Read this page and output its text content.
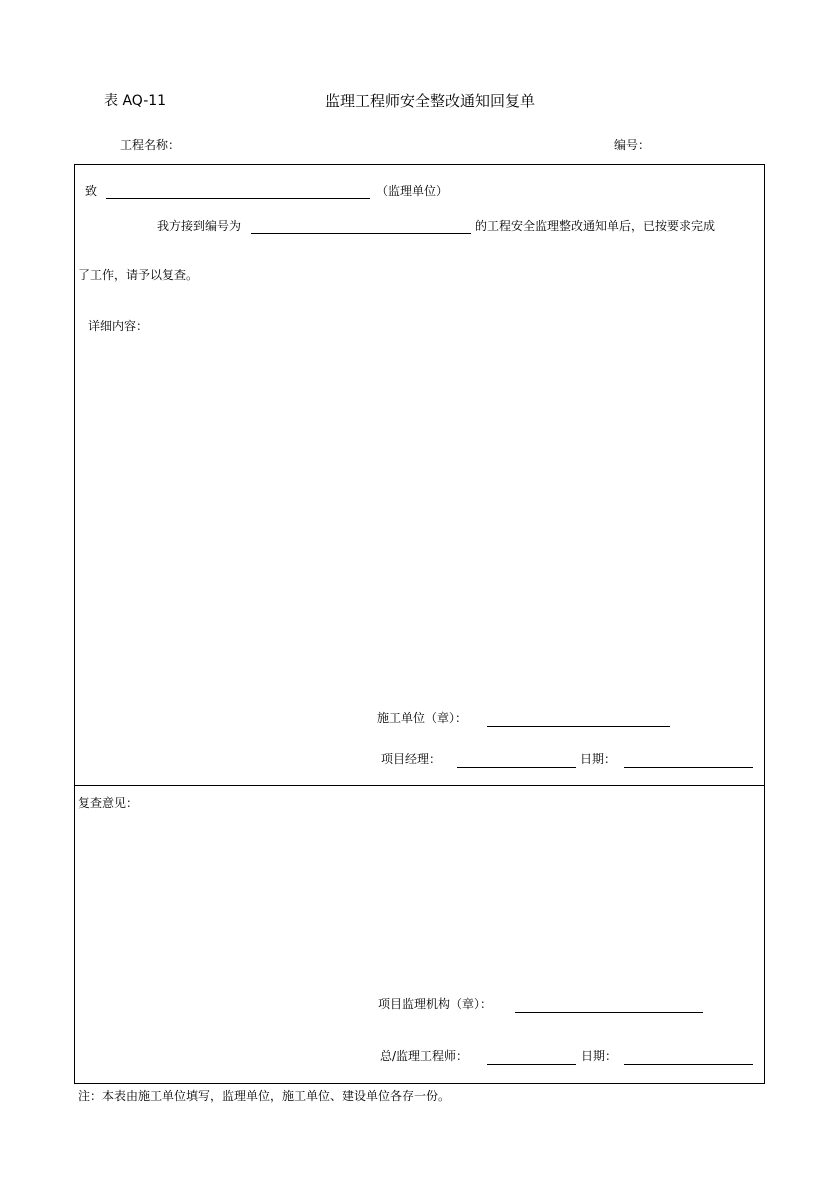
表 AQ-11	监理工程师安全整改通知回复单
工程名称：	编号：
致	（监理单位）
我方接到编号为	的工程安全监理整改通知单后，已按要求完成
了工作，请予以复查。
详细内容：
施工单位（章）：
项目经理：	日期：
复查意见：
项目监理机构（章）：
总/监理工程师：	日期：
注：本表由施工单位填写，监理单位，施工单位、建设单位各存一份。
